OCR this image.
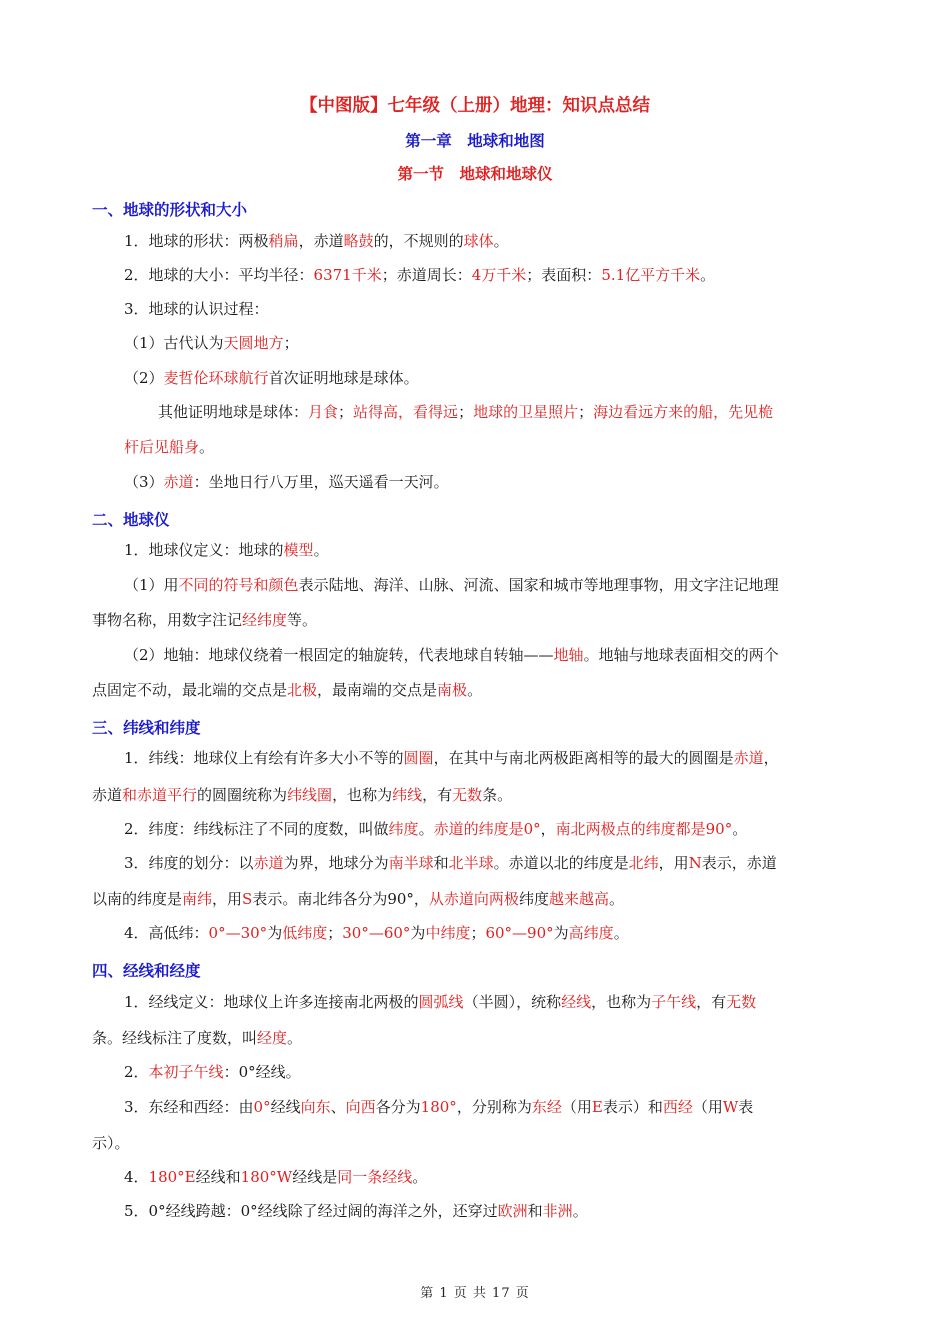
【中图版】七年级（上册）地理：知识点总结
第一章　地球和地图
第一节　地球和地球仪
一、地球的形状和大小
二、地球仪
三、纬线和纬度
四、经线和经度
1．地球的形状：两极稍扁，赤道略鼓的，不规则的球体。
2．地球的大小：平均半径：6371千米；赤道周长：4万千米；表面积：5.1亿平方千米。
3．地球的认识过程：
（1）古代认为天圆地方；
（2）麦哲伦环球航行首次证明地球是球体。
其他证明地球是球体：月食；站得高，看得远；地球的卫星照片；海边看远方来的船，先见桅
杆后见船身。
（3）赤道：坐地日行八万里，巡天遥看一天河。
1．地球仪定义：地球的模型。
（1）用不同的符号和颜色表示陆地、海洋、山脉、河流、国家和城市等地理事物，用文字注记地理
事物名称，用数字注记经纬度等。
（2）地轴：地球仪绕着一根固定的轴旋转，代表地球自转轴——地轴。地轴与地球表面相交的两个
点固定不动，最北端的交点是北极，最南端的交点是南极。
1．纬线：地球仪上有绘有许多大小不等的圆圈，在其中与南北两极距离相等的最大的圆圈是赤道，
赤道和赤道平行的圆圈统称为纬线圈，也称为纬线，有无数条。
2．纬度：纬线标注了不同的度数，叫做纬度。赤道的纬度是0°，南北两极点的纬度都是90°。
3．纬度的划分：以赤道为界，地球分为南半球和北半球。赤道以北的纬度是北纬，用N表示，赤道
以南的纬度是南纬，用S表示。南北纬各分为90°，从赤道向两极纬度越来越高。
4．高低纬：0°—30°为低纬度；30°—60°为中纬度；60°—90°为高纬度。
1．经线定义：地球仪上许多连接南北两极的圆弧线（半圆），统称经线，也称为子午线，有无数
条。经线标注了度数，叫经度。
2．本初子午线：0°经线。
3．东经和西经：由0°经线向东、向西各分为180°，分别称为东经（用E表示）和西经（用W表
示）。
4．180°E经线和180°W经线是同一条经线。
5．0°经线跨越：0°经线除了经过阔的海洋之外，还穿过欧洲和非洲。
第 1 页 共 17 页
